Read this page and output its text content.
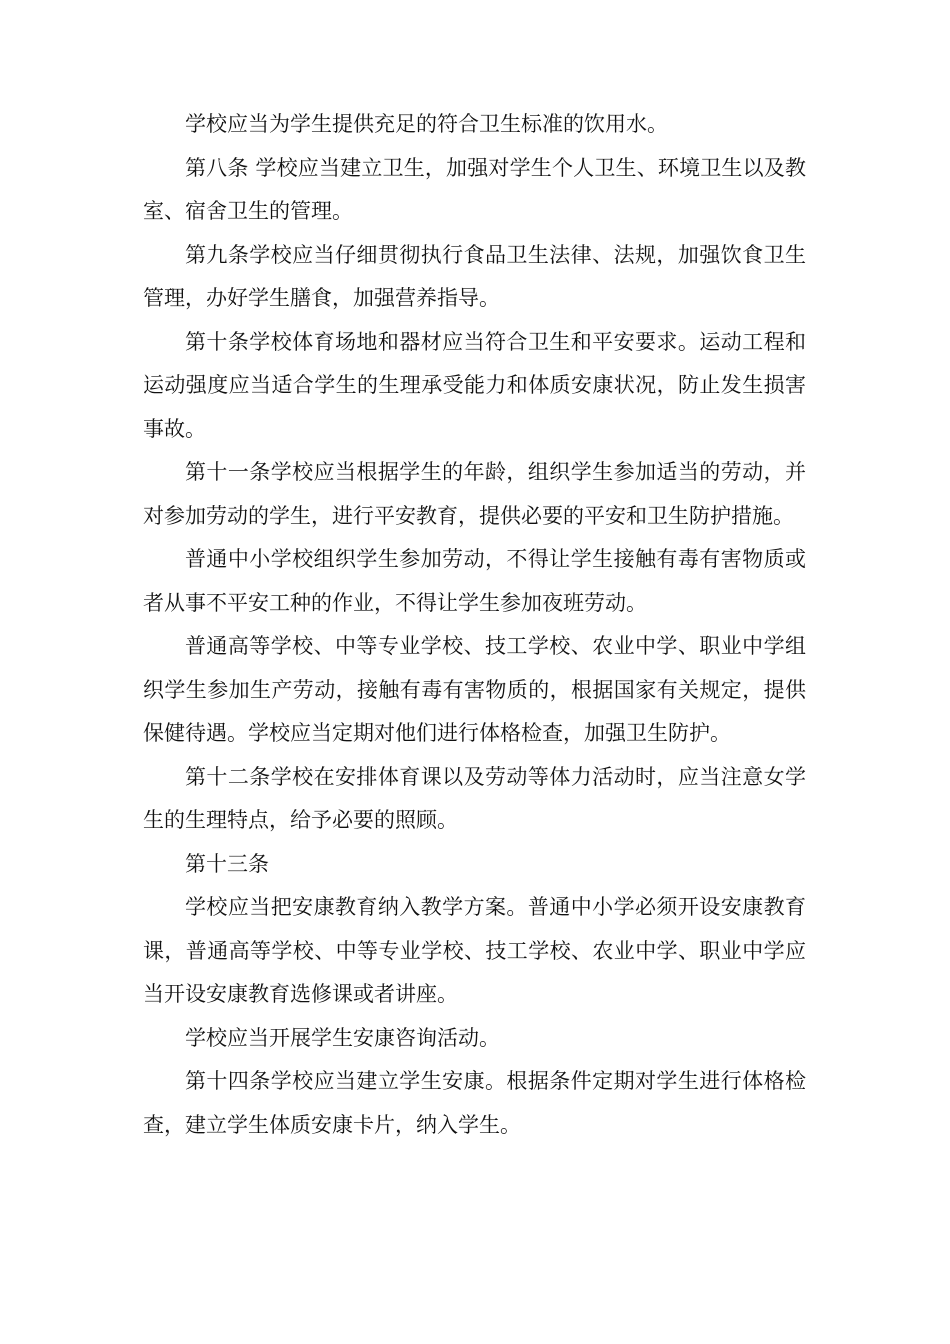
学校应当为学生提供充足的符合卫生标准的饮用水。

第八条 学校应当建立卫生，加强对学生个人卫生、环境卫生以及教室、宿舍卫生的管理。

第九条学校应当仔细贯彻执行食品卫生法律、法规，加强饮食卫生管理，办好学生膳食，加强营养指导。

第十条学校体育场地和器材应当符合卫生和平安要求。运动工程和运动强度应当适合学生的生理承受能力和体质安康状况，防止发生损害事故。

第十一条学校应当根据学生的年龄，组织学生参加适当的劳动，并对参加劳动的学生，进行平安教育，提供必要的平安和卫生防护措施。

普通中小学校组织学生参加劳动，不得让学生接触有毒有害物质或者从事不平安工种的作业，不得让学生参加夜班劳动。

普通高等学校、中等专业学校、技工学校、农业中学、职业中学组织学生参加生产劳动，接触有毒有害物质的，根据国家有关规定，提供保健待遇。学校应当定期对他们进行体格检查，加强卫生防护。

第十二条学校在安排体育课以及劳动等体力活动时，应当注意女学生的生理特点，给予必要的照顾。

第十三条

学校应当把安康教育纳入教学方案。普通中小学必须开设安康教育课，普通高等学校、中等专业学校、技工学校、农业中学、职业中学应当开设安康教育选修课或者讲座。

学校应当开展学生安康咨询活动。

第十四条学校应当建立学生安康。根据条件定期对学生进行体格检查，建立学生体质安康卡片，纳入学生。
